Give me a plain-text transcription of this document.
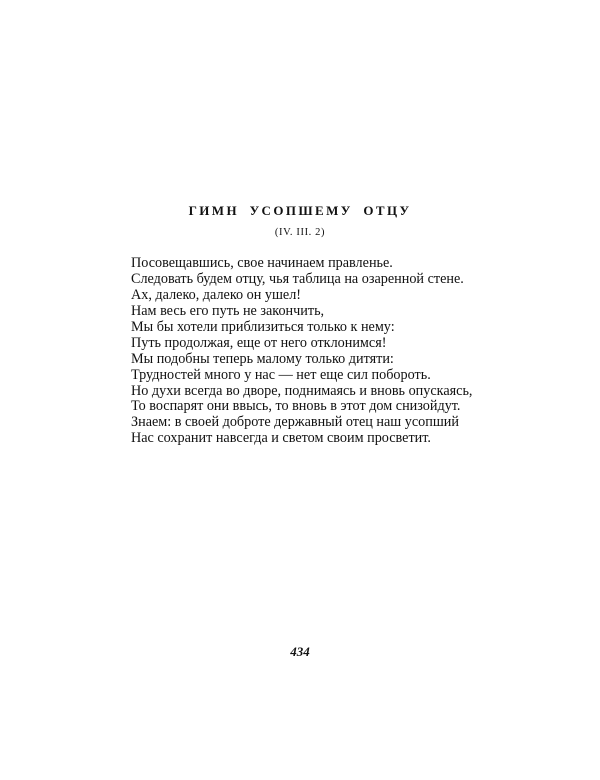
ГИМН УСОПШЕМУ ОТЦУ

(IV. III. 2)

Посовещавшись, свое начинаем правленье.
Следовать будем отцу, чья таблица на озаренной стене.
Ах, далеко, далеко он ушел!
Нам весь его путь не закончить,
Мы бы хотели приблизиться только к нему:
Путь продолжая, еще от него отклонимся!
Мы подобны теперь малому только дитяти:
Трудностей много у нас — нет еще сил побороть.
Но духи всегда во дворе, поднимаясь и вновь опускаясь,
То воспарят они ввысь, то вновь в этот дом снизойдут.
Знаем: в своей доброте державный отец наш усопший
Нас сохранит навсегда и светом своим просветит.

434
